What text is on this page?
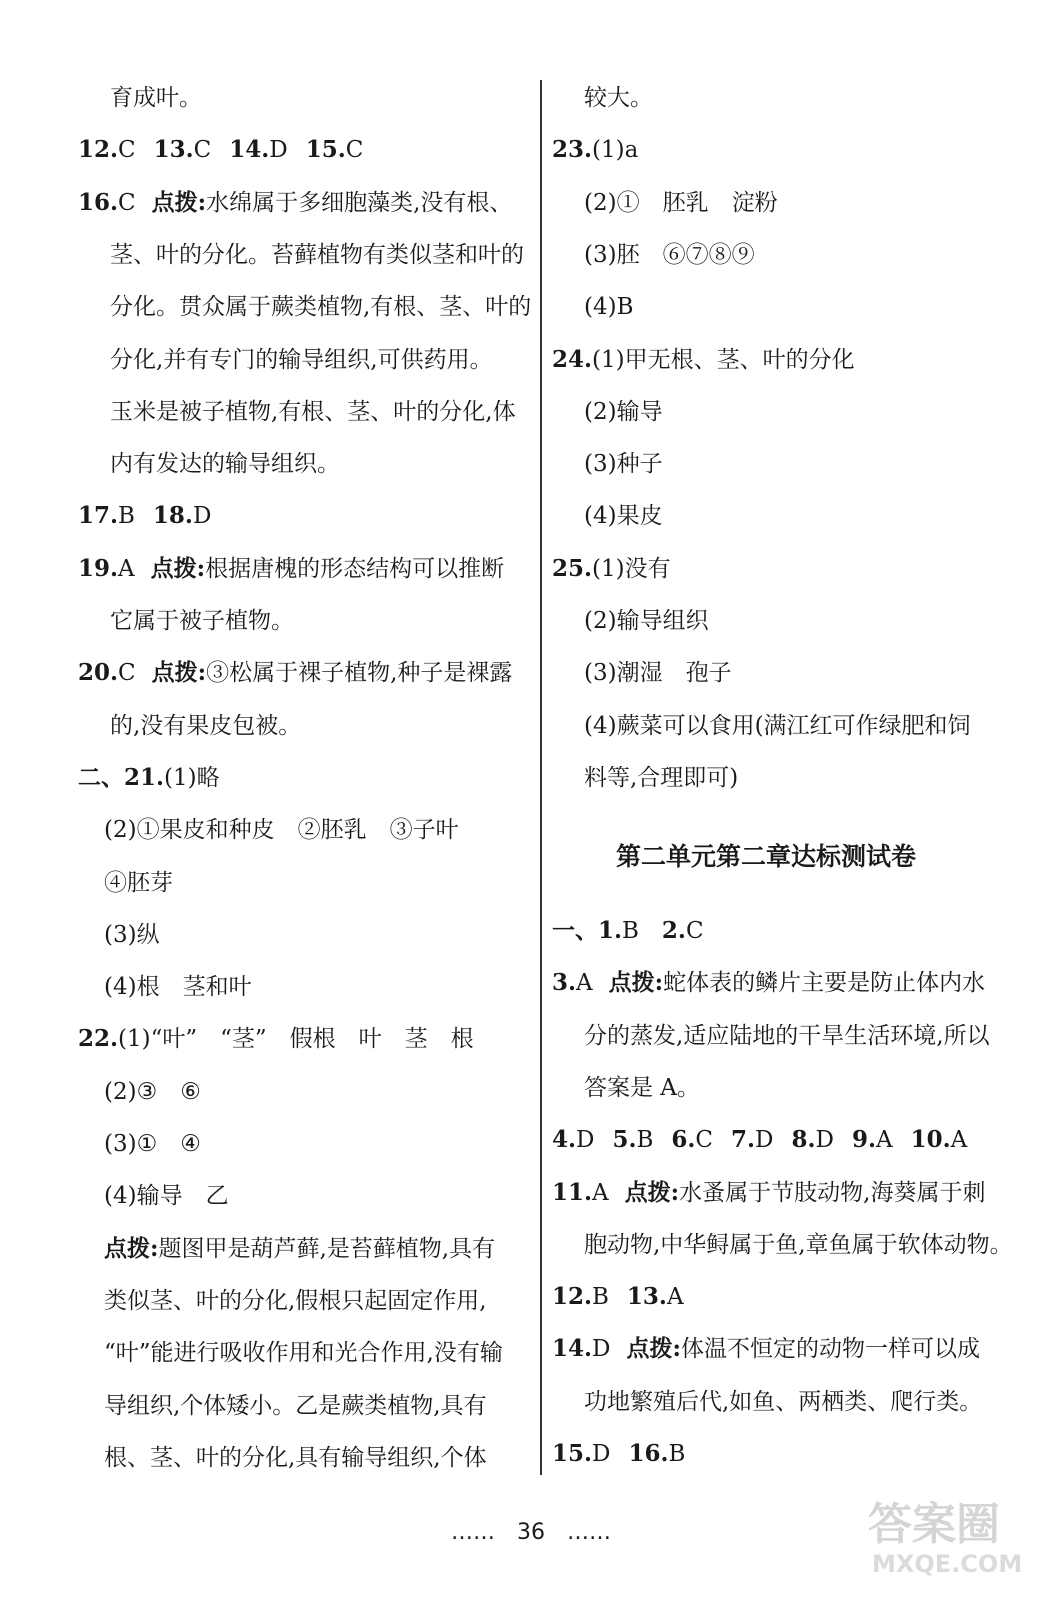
育成叶。
12.C 13.C 14.D 15.C
16.C 点拨:水绵属于多细胞藻类,没有根、
茎、叶的分化。苔藓植物有类似茎和叶的
分化。贯众属于蕨类植物,有根、茎、叶的
分化,并有专门的输导组织,可供药用。
玉米是被子植物,有根、茎、叶的分化,体
内有发达的输导组织。
17.B 18.D
19.A 点拨:根据唐槐的形态结构可以推断
它属于被子植物。
20.C 点拨:③松属于裸子植物,种子是裸露
的,没有果皮包被。
二、21.(1)略
(2)①果皮和种皮　②胚乳　③子叶
④胚芽
(3)纵
(4)根　茎和叶
22.(1)“叶”　“茎”　假根　叶　茎　根
(2)③　⑥
(3)①　④
(4)输导　乙
点拨:题图甲是葫芦藓,是苔藓植物,具有
类似茎、叶的分化,假根只起固定作用,
“叶”能进行吸收作用和光合作用,没有输
导组织,个体矮小。乙是蕨类植物,具有
根、茎、叶的分化,具有输导组织,个体
较大。
23.(1)a
(2)①　胚乳　淀粉
(3)胚　⑥⑦⑧⑨
(4)B
24.(1)甲无根、茎、叶的分化
(2)输导
(3)种子
(4)果皮
25.(1)没有
(2)输导组织
(3)潮湿　孢子
(4)蕨菜可以食用(满江红可作绿肥和饲
料等,合理即可)
一、1.B　2.C
3.A 点拨:蛇体表的鳞片主要是防止体内水
分的蒸发,适应陆地的干旱生活环境,所以
答案是 A。
4.D 5.B 6.C 7.D 8.D 9.A 10.A
11.A 点拨:水蚤属于节肢动物,海葵属于刺
胞动物,中华鲟属于鱼,章鱼属于软体动物。
12.B 13.A
14.D 点拨:体温不恒定的动物一样可以成
功地繁殖后代,如鱼、两栖类、爬行类。
15.D 16.B
第二单元第二章达标测试卷
……　36　……	答案圈
MXQE.COM
